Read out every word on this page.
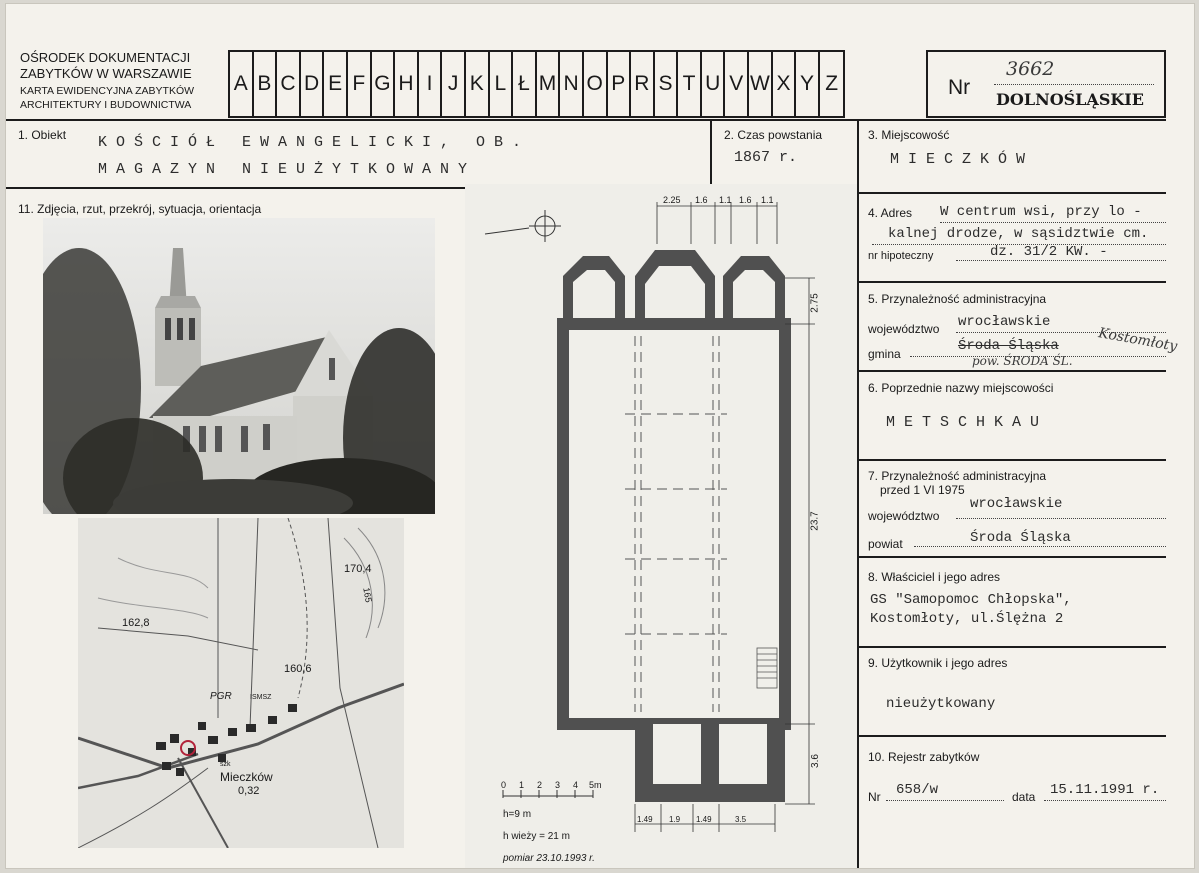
OŚRODEK DOKUMENTACJI
ZABYTKÓW W WARSZAWIE
KARTA EWIDENCYJNA ZABYTKÓW
ARCHITEKTURY I BUDOWNICTWA
A B C D E F G H I J K L Ł M N O P R S T U V W X Y Z	Nr
3662
DOLNOŚLĄSKIE
1. Obiekt KOŚCIÓŁ EWANGELICKI, OB.
MAGAZYN NIEUŻYTKOWANY
2. Czas powstania
1867 r.
3. Miejscowość
MIECZKÓW
11. Zdjęcia, rzut, przekrój, sytuacja, orientacja
170,4
165
162,8
160,6
PGR	ISMSZ
szk
Mieczków
0,32
2.25 1.6 1.1 1.6 1.1
2.75
23.7
3.6
1.49 1.9 1.49	3.5
0 1 2 3 4 5m
h=9 m
h wieży = 21 m
pomiar 23.10.1993 r.
4. Adres W centrum wsi, przy lo -
kalnej drodze, w sąsidztwie cm.
nr hipoteczny	dz. 31/2 KW. -
5. Przynależność administracyjna
województwo wrocławskie
gmina	Środa Śląska	Kostomłoty
pow. ŚRODA ŚL.
6. Poprzednie nazwy miejscowości
METSCHKAU
7. Przynależność administracyjna
przed 1 VI 1975
województwo
wrocławskie
powiat	Środa Śląska
8. Właściciel i jego adres
GS "Samopomoc Chłopska",
Kostomłoty, ul.Ślężna 2
9. Użytkownik i jego adres
nieużytkowany
10. Rejestr zabytków
Nr 658/w	data 15.11.1991 r.
